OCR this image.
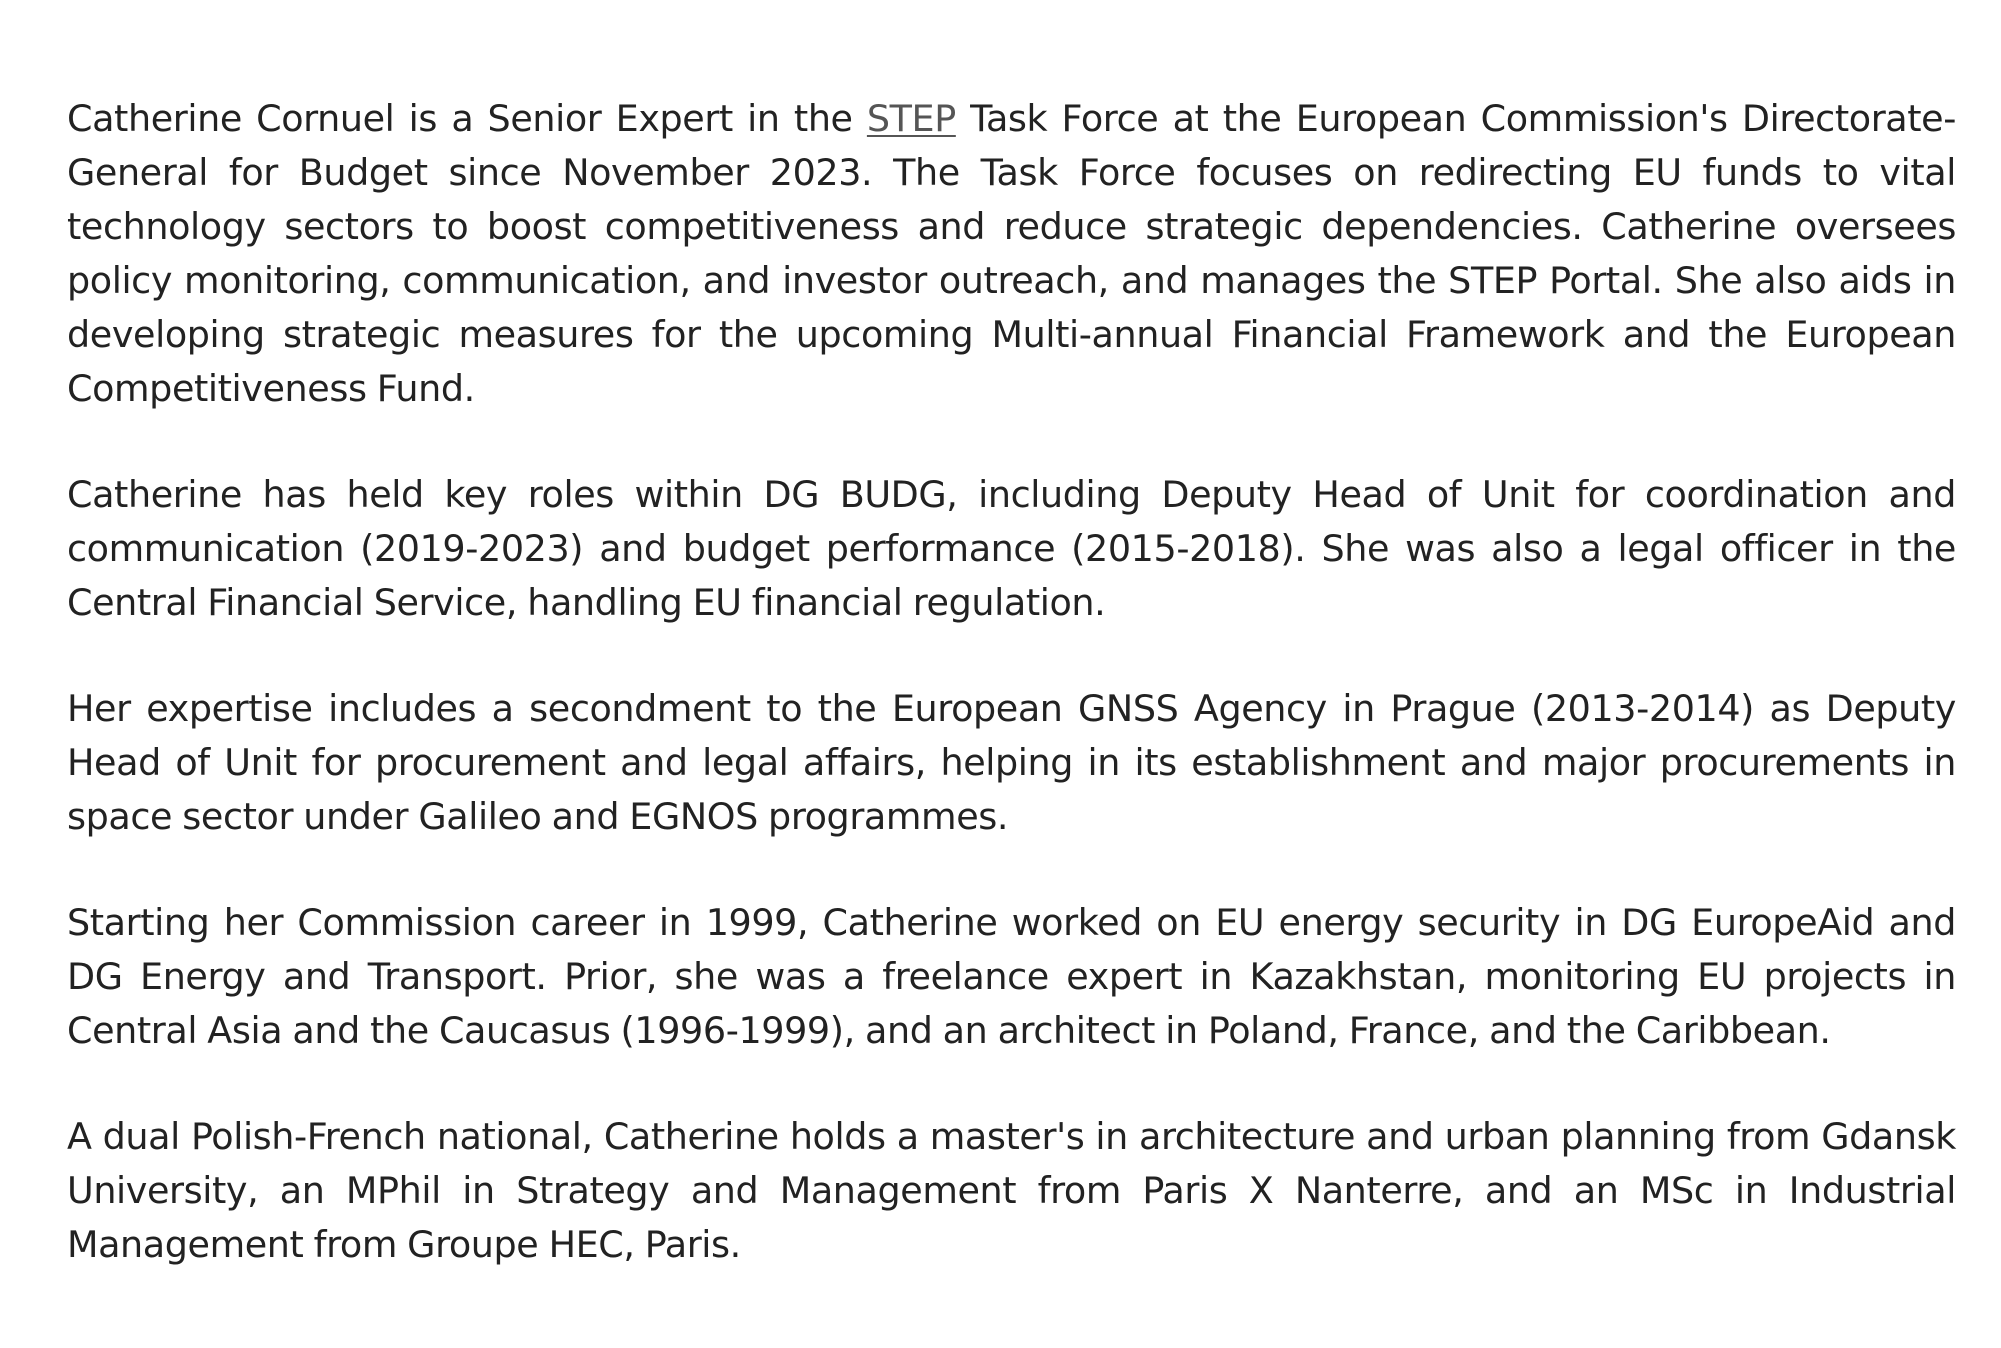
Catherine Cornuel is a Senior Expert in the STEP Task Force at the European Commission's Directorate-General for Budget since November 2023. The Task Force focuses on redirecting EU funds to vital technology sectors to boost competitiveness and reduce strategic dependencies. Catherine oversees policy monitoring, communication, and investor outreach, and manages the STEP Portal. She also aids in developing strategic measures for the upcoming Multi-annual Financial Framework and the European Competitiveness Fund.

Catherine has held key roles within DG BUDG, including Deputy Head of Unit for coordination and communication (2019-2023) and budget performance (2015-2018). She was also a legal officer in the Central Financial Service, handling EU financial regulation.

Her expertise includes a secondment to the European GNSS Agency in Prague (2013-2014) as Deputy Head of Unit for procurement and legal affairs, helping in its establishment and major procurements in space sector under Galileo and EGNOS programmes.

Starting her Commission career in 1999, Catherine worked on EU energy security in DG EuropeAid and DG Energy and Transport. Prior, she was a freelance expert in Kazakhstan, monitoring EU projects in Central Asia and the Caucasus (1996-1999), and an architect in Poland, France, and the Caribbean.

A dual Polish-French national, Catherine holds a master's in architecture and urban planning from Gdansk University, an MPhil in Strategy and Management from Paris X Nanterre, and an MSc in Industrial Management from Groupe HEC, Paris.
